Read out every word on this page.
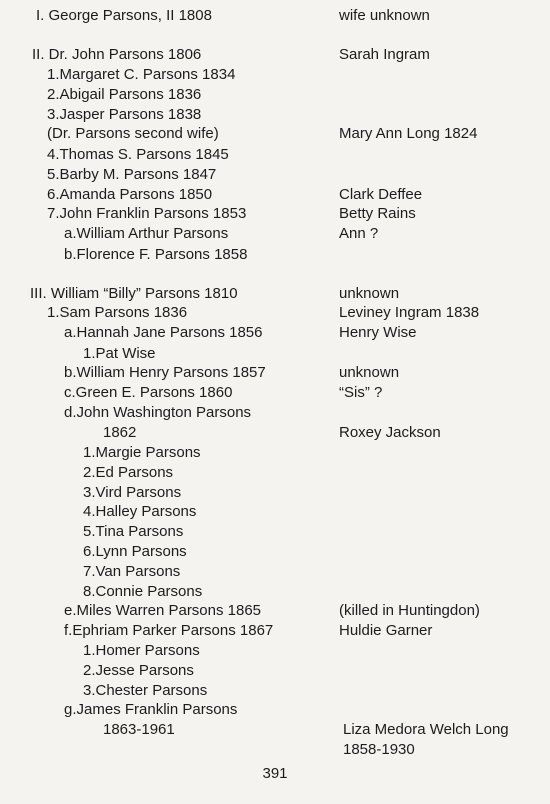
I. George Parsons, II 1808	wife unknown
II. Dr. John Parsons 1806	Sarah Ingram
1.Margaret C. Parsons 1834
2.Abigail Parsons 1836
3.Jasper Parsons 1838
(Dr. Parsons second wife)	Mary Ann Long 1824
4.Thomas S. Parsons 1845
5.Barby M. Parsons 1847
6.Amanda Parsons 1850	Clark Deffee
7.John Franklin Parsons 1853	Betty Rains
a.William Arthur Parsons	Ann ?
b.Florence F. Parsons 1858
III. William “Billy” Parsons 1810	unknown
1.Sam Parsons 1836	Leviney Ingram 1838
a.Hannah Jane Parsons 1856	Henry Wise
1.Pat Wise
b.William Henry Parsons 1857	unknown
c.Green E. Parsons 1860	“Sis” ?
d.John Washington Parsons
1862	Roxey Jackson
1.Margie Parsons
2.Ed Parsons
3.Vird Parsons
4.Halley Parsons
5.Tina Parsons
6.Lynn Parsons
7.Van Parsons
8.Connie Parsons
e.Miles Warren Parsons 1865	(killed in Huntingdon)
f.Ephriam Parker Parsons 1867	Huldie Garner
1.Homer Parsons
2.Jesse Parsons
3.Chester Parsons
g.James Franklin Parsons
1863-1961	Liza Medora Welch Long
1858-1930
391
